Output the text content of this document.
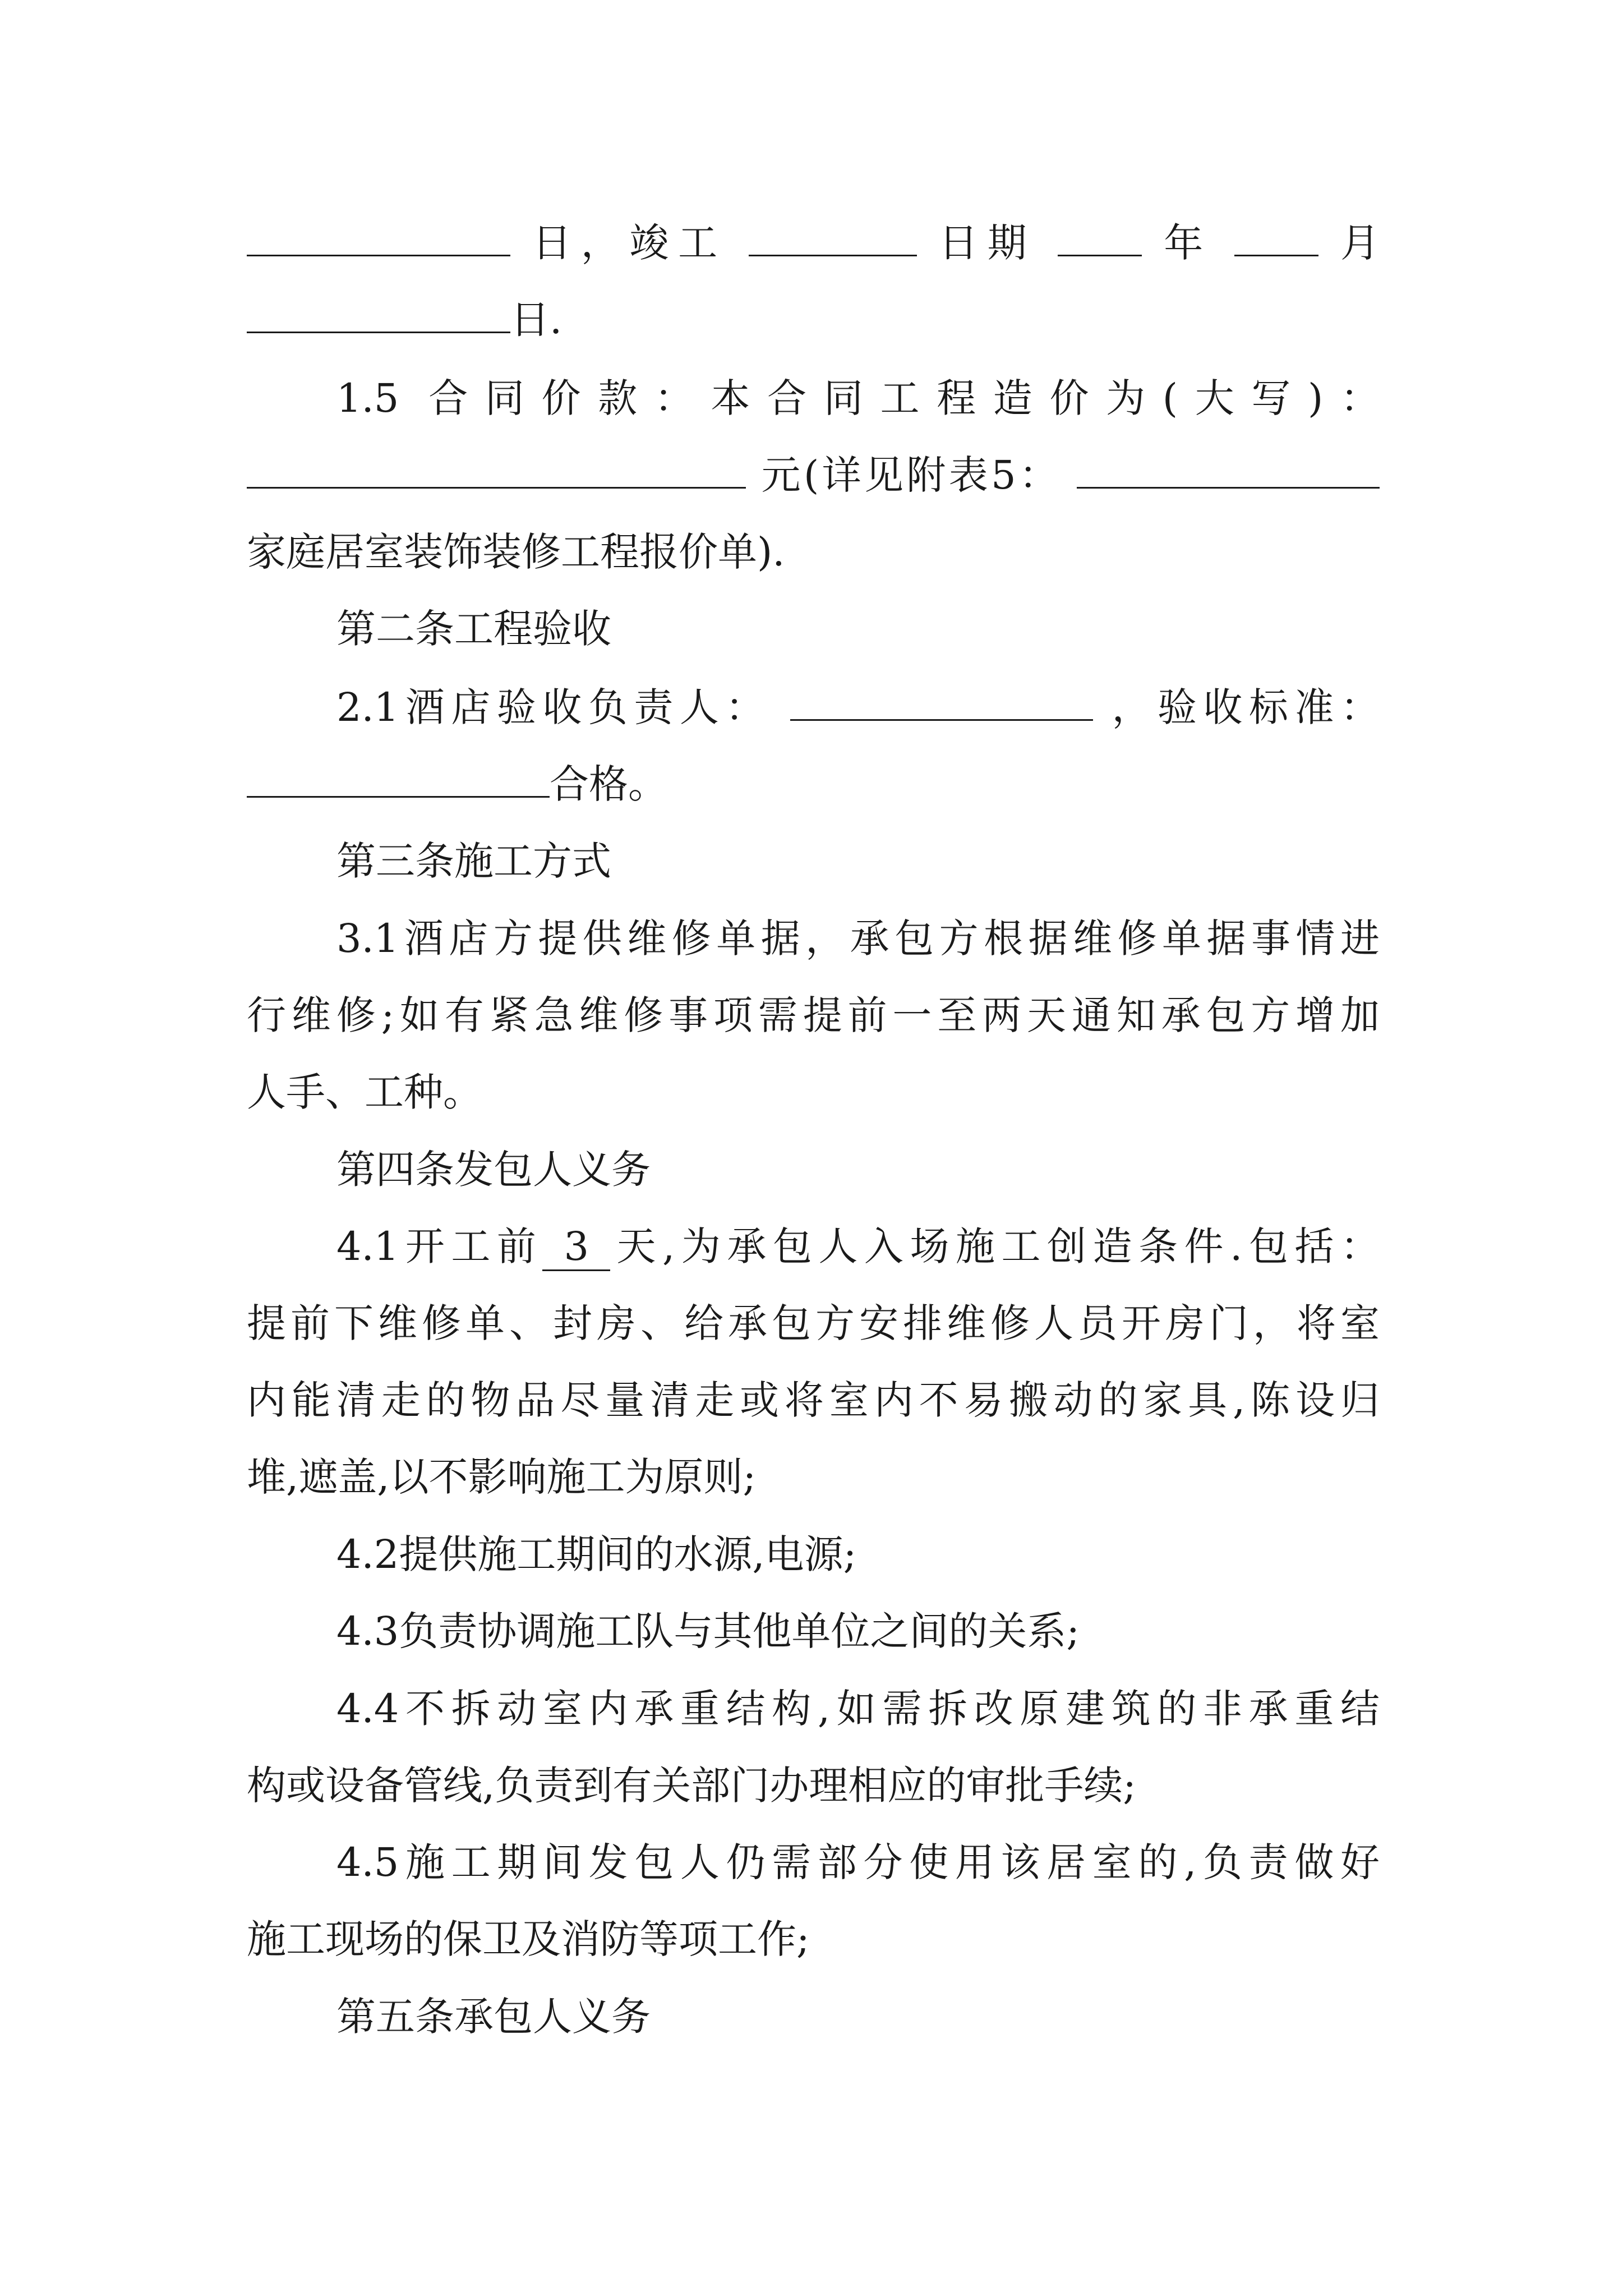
日，竣工	日期	年	月
日.
1.5 合同价款：本合同工程造价为(大写)：
元(详见附表5：
家庭居室装饰装修工程报价单).
第二条工程验收
2.1酒店验收负责人：	，验收标准：
合格。
第三条施工方式
3.1酒店方提供维修单据，承包方根据维修单据事情进
行维修;如有紧急维修事项需提前一至两天通知承包方增加
人手、工种。
第四条发包人义务
4.1开工前 3 天,为承包人入场施工创造条件.包括：
提前下维修单、封房、给承包方安排维修人员开房门，将室
内能清走的物品尽量清走或将室内不易搬动的家具,陈设归
堆,遮盖,以不影响施工为原则;
4.2提供施工期间的水源,电源;
4.3负责协调施工队与其他单位之间的关系;
4.4不拆动室内承重结构,如需拆改原建筑的非承重结
构或设备管线,负责到有关部门办理相应的审批手续;
4.5施工期间发包人仍需部分使用该居室的,负责做好
施工现场的保卫及消防等项工作;
第五条承包人义务
